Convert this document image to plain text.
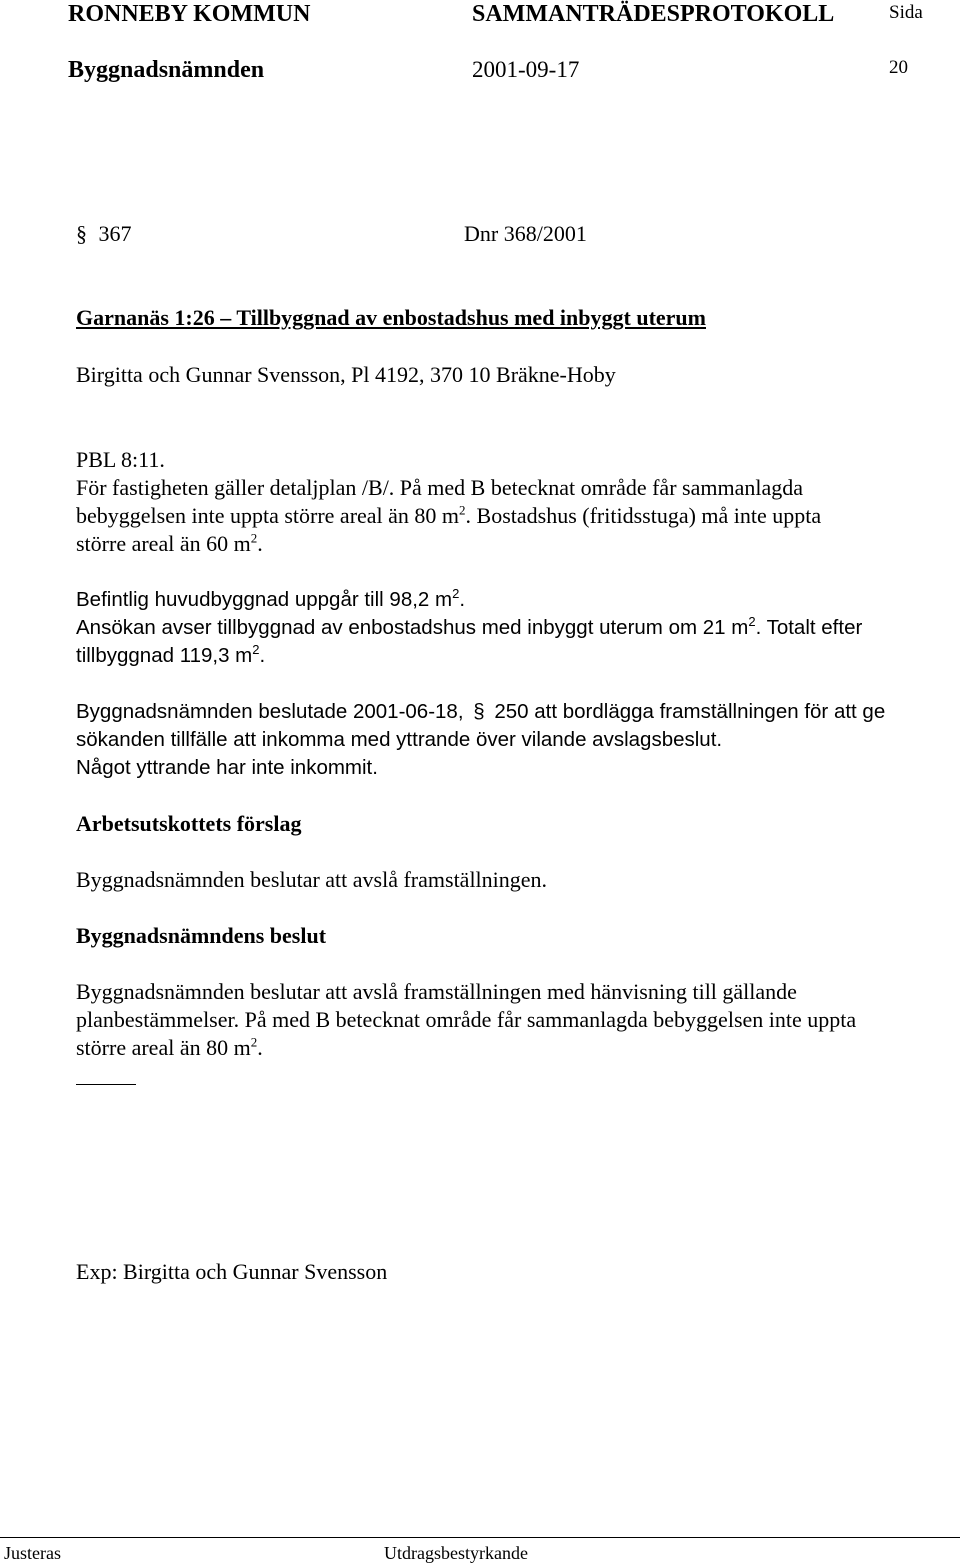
RONNEBY KOMMUN	SAMMANTRÄDESPROTOKOLL	Sida
Byggnadsnämnden	2001-09-17	20
§ 367	Dnr 368/2001
Garnanäs 1:26 – Tillbyggnad av enbostadshus med inbyggt uterum
Birgitta och Gunnar Svensson, Pl 4192, 370 10 Bräkne-Hoby
PBL 8:11.
För fastigheten gäller detaljplan /B/. På med B betecknat område får sammanlagda
bebyggelsen inte uppta större areal än 80 $m^2$. Bostadshus (fritidsstuga) må inte uppta
större areal än 60 $m^2$.
Befintlig huvudbyggnad uppgår till 98,2 $m^2$.
Ansökan avser tillbyggnad av enbostadshus med inbyggt uterum om 21 $m^2$. Totalt efter
tillbyggnad 119,3 $m^2$.
Byggnadsnämnden beslutade 2001-06-18, § 250 att bordlägga framställningen för att ge
sökanden tillfälle att inkomma med yttrande över vilande avslagsbeslut.
Något yttrande har inte inkommit.
Arbetsutskottets förslag
Byggnadsnämnden beslutar att avslå framställningen.
Byggnadsnämndens beslut
Byggnadsnämnden beslutar att avslå framställningen med hänvisning till gällande
planbestämmelser. På med B betecknat område får sammanlagda bebyggelsen inte uppta
större areal än 80 $m^2$.
Exp: Birgitta och Gunnar Svensson
Justeras	Utdragsbestyrkande
